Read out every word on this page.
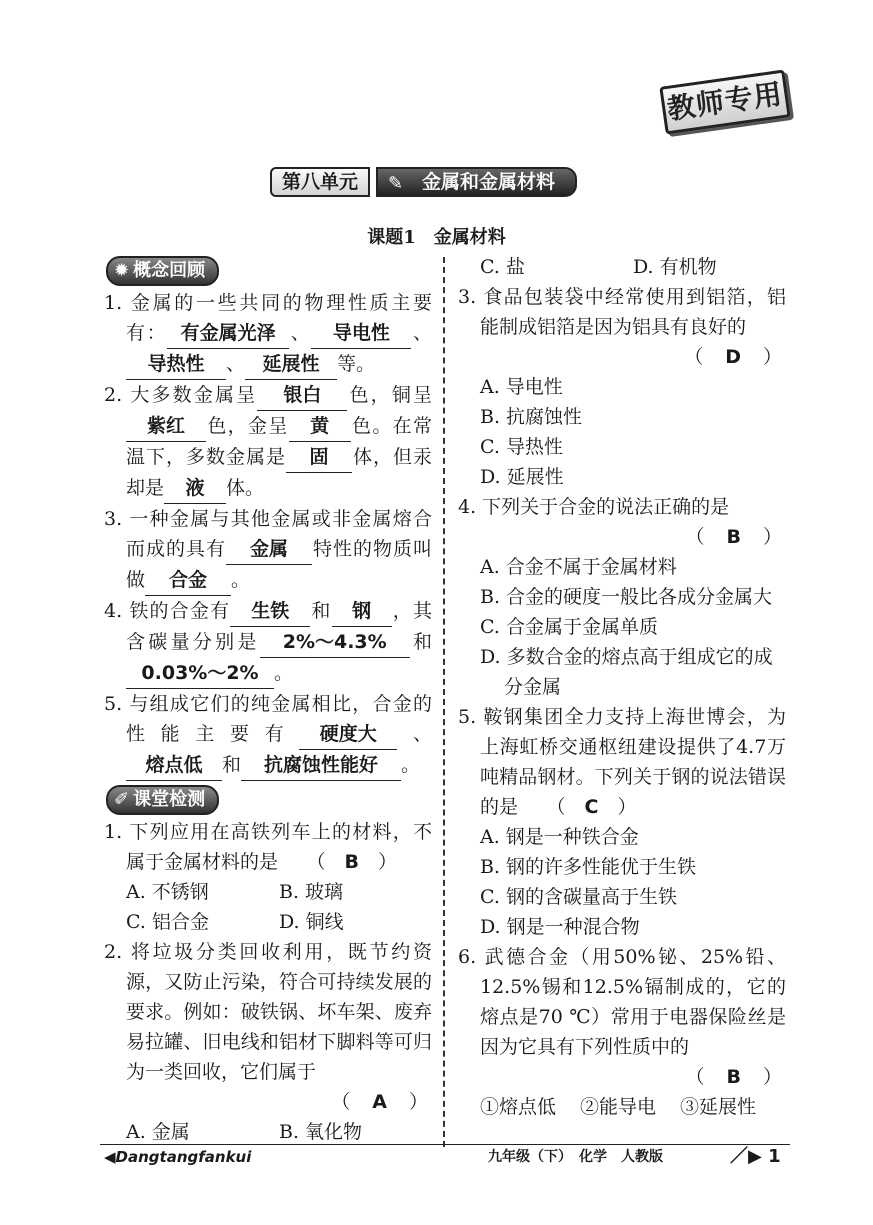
教师专用
第八单元	✎ 金属和金属材料
课题1　金属材料
✹ 概念回顾
1. 金属的一些共同的物理性质主要有： 有金属光泽 、 导电性 、导热性 、 延展性 等。
2. 大多数金属呈 银白 色，铜呈紫红 色，金呈 黄 色。在常温下，多数金属是 固 体，但汞却是 液 体。
3. 一种金属与其他金属或非金属熔合而成的具有 金属 特性的物质叫做 合金 。
4. 铁的合金有 生铁 和 钢 ，其含碳量分别是 2%～4.3% 和0.03%～2% 。
5. 与组成它们的纯金属相比，合金的性能主要有 硬度大 、熔点低 和 抗腐蚀性能好 。
✐ 课堂检测
1. 下列应用在高铁列车上的材料，不属于金属材料的是　　（　B　）
A. 不锈钢	B. 玻璃
C. 铝合金	D. 铜线
2. 将垃圾分类回收利用，既节约资源，又防止污染，符合可持续发展的要求。例如：破铁锅、坏车架、废弃易拉罐、旧电线和铝材下脚料等可归为一类回收，它们属于
（ A ）
A. 金属	B. 氧化物
C. 盐	D. 有机物
3. 食品包装袋中经常使用到铝箔，铝能制成铝箔是因为铝具有良好的
（ D ）
A. 导电性
B. 抗腐蚀性
C. 导热性
D. 延展性
4. 下列关于合金的说法正确的是
（ B ）
A. 合金不属于金属材料
B. 合金的硬度一般比各成分金属大
C. 合金属于金属单质
D. 多数合金的熔点高于组成它的成分金属
5. 鞍钢集团全力支持上海世博会，为上海虹桥交通枢纽建设提供了4.7万吨精品钢材。下列关于钢的说法错误的是　　（　C　）
A. 钢是一种铁合金
B. 钢的许多性能优于生铁
C. 钢的含碳量高于生铁
D. 钢是一种混合物
6. 武德合金（用50%铋、25%铅、12.5%锡和12.5%镉制成的，它的熔点是70 ℃）常用于电器保险丝是因为它具有下列性质中的
（ B ）
①熔点低 ②能导电 ③延展性
◀Dangtangfankui	九年级（下）　化学　人教版	／▶ 1
